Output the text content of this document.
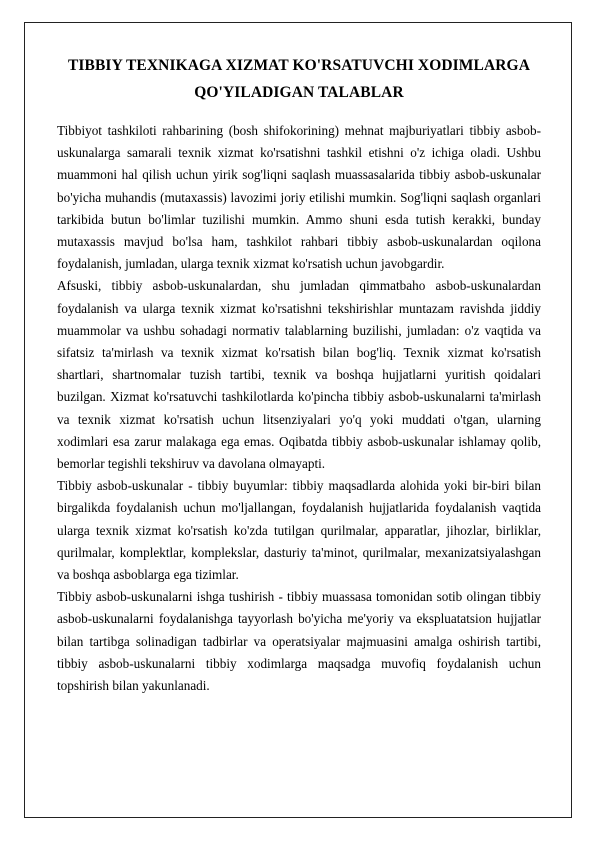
TIBBIY TEXNIKAGA XIZMAT KO'RSATUVCHI XODIMLARGA
QO'YILADIGAN TALABLAR

Tibbiyot tashkiloti rahbarining (bosh shifokorining) mehnat majburiyatlari tibbiy asbob-uskunalarga samarali texnik xizmat ko'rsatishni tashkil etishni o'z ichiga oladi. Ushbu muammoni hal qilish uchun yirik sog'liqni saqlash muassasalarida tibbiy asbob-uskunalar bo'yicha muhandis (mutaxassis) lavozimi joriy etilishi mumkin. Sog'liqni saqlash organlari tarkibida butun bo'limlar tuzilishi mumkin. Ammo shuni esda tutish kerakki, bunday mutaxassis mavjud bo'lsa ham, tashkilot rahbari tibbiy asbob-uskunalardan oqilona foydalanish, jumladan, ularga texnik xizmat ko'rsatish uchun javobgardir.

Afsuski, tibbiy asbob-uskunalardan, shu jumladan qimmatbaho asbob-uskunalardan foydalanish va ularga texnik xizmat ko'rsatishni tekshirishlar muntazam ravishda jiddiy muammolar va ushbu sohadagi normativ talablarning buzilishi, jumladan: o'z vaqtida va sifatsiz ta'mirlash va texnik xizmat ko'rsatish bilan bog'liq. Texnik xizmat ko'rsatish shartlari, shartnomalar tuzish tartibi, texnik va boshqa hujjatlarni yuritish qoidalari buzilgan. Xizmat ko'rsatuvchi tashkilotlarda ko'pincha tibbiy asbob-uskunalarni ta'mirlash va texnik xizmat ko'rsatish uchun litsenziyalari yo'q yoki muddati o'tgan, ularning xodimlari esa zarur malakaga ega emas. Oqibatda tibbiy asbob-uskunalar ishlamay qolib, bemorlar tegishli tekshiruv va davolana olmayapti.

Tibbiy asbob-uskunalar - tibbiy buyumlar: tibbiy maqsadlarda alohida yoki bir-biri bilan birgalikda foydalanish uchun mo'ljallangan, foydalanish hujjatlarida foydalanish vaqtida ularga texnik xizmat ko'rsatish ko'zda tutilgan qurilmalar, apparatlar, jihozlar, birliklar, qurilmalar, komplektlar, komplekslar, dasturiy ta'minot, qurilmalar, mexanizatsiyalashgan va boshqa asboblarga ega tizimlar.

Tibbiy asbob-uskunalarni ishga tushirish - tibbiy muassasa tomonidan sotib olingan tibbiy asbob-uskunalarni foydalanishga tayyorlash bo'yicha me'yoriy va ekspluatatsion hujjatlar bilan tartibga solinadigan tadbirlar va operatsiyalar majmuasini amalga oshirish tartibi, tibbiy asbob-uskunalarni tibbiy xodimlarga maqsadga muvofiq foydalanish uchun topshirish bilan yakunlanadi.
